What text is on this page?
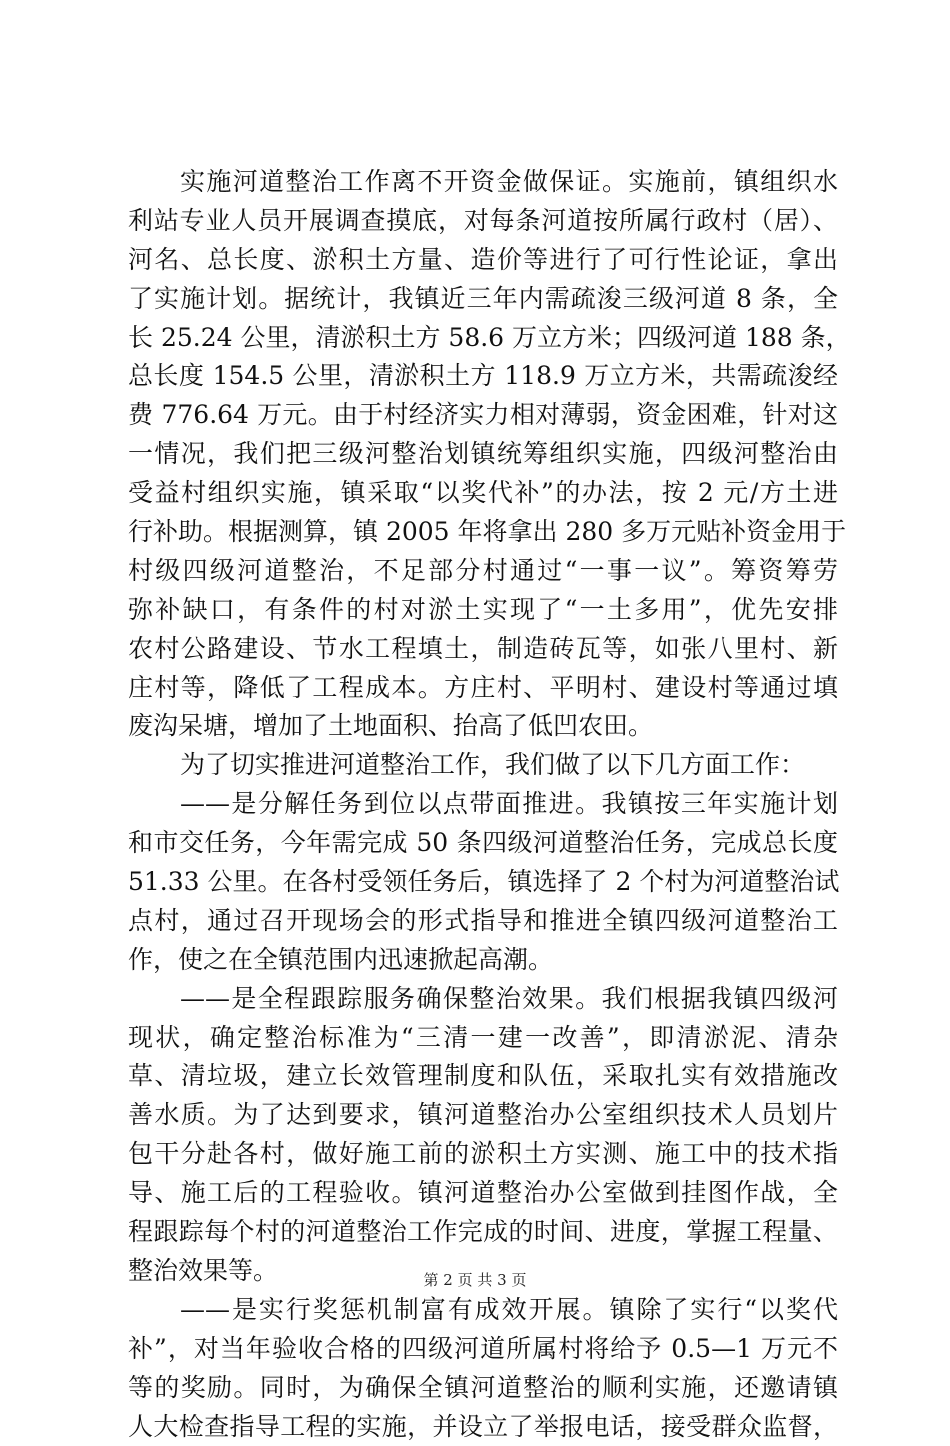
实施河道整治工作离不开资金做保证。实施前，镇组织水
利站专业人员开展调查摸底，对每条河道按所属行政村（居）、
河名、总长度、淤积土方量、造价等进行了可行性论证，拿出
了实施计划。据统计，我镇近三年内需疏浚三级河道 8 条，全
长 25.24 公里，清淤积土方 58.6 万立方米；四级河道 188 条，
总长度 154.5 公里，清淤积土方 118.9 万立方米，共需疏浚经
费 776.64 万元。由于村经济实力相对薄弱，资金困难，针对这
一情况，我们把三级河整治划镇统筹组织实施，四级河整治由
受益村组织实施，镇采取“以奖代补”的办法，按 2 元/方土进
行补助。根据测算，镇 2005 年将拿出 280 多万元贴补资金用于
村级四级河道整治，不足部分村通过“一事一议”。筹资筹劳
弥补缺口，有条件的村对淤土实现了“一土多用”，优先安排
农村公路建设、节水工程填土，制造砖瓦等，如张八里村、新
庄村等，降低了工程成本。方庄村、平明村、建设村等通过填
废沟呆塘，增加了土地面积、抬高了低凹农田。
为了切实推进河道整治工作，我们做了以下几方面工作：
——是分解任务到位以点带面推进。我镇按三年实施计划
和市交任务，今年需完成 50 条四级河道整治任务，完成总长度
51.33 公里。在各村受领任务后，镇选择了 2 个村为河道整治试
点村，通过召开现场会的形式指导和推进全镇四级河道整治工
作，使之在全镇范围内迅速掀起高潮。
——是全程跟踪服务确保整治效果。我们根据我镇四级河
现状，确定整治标准为“三清一建一改善”，即清淤泥、清杂
草、清垃圾，建立长效管理制度和队伍，采取扎实有效措施改
善水质。为了达到要求，镇河道整治办公室组织技术人员划片
包干分赴各村，做好施工前的淤积土方实测、施工中的技术指
导、施工后的工程验收。镇河道整治办公室做到挂图作战，全
程跟踪每个村的河道整治工作完成的时间、进度，掌握工程量、
整治效果等。
——是实行奖惩机制富有成效开展。镇除了实行“以奖代
补”，对当年验收合格的四级河道所属村将给予 0.5—1 万元不
等的奖励。同时，为确保全镇河道整治的顺利实施，还邀请镇
人大检查指导工程的实施，并设立了举报电话，接受群众监督，
第 2 页 共 3 页
